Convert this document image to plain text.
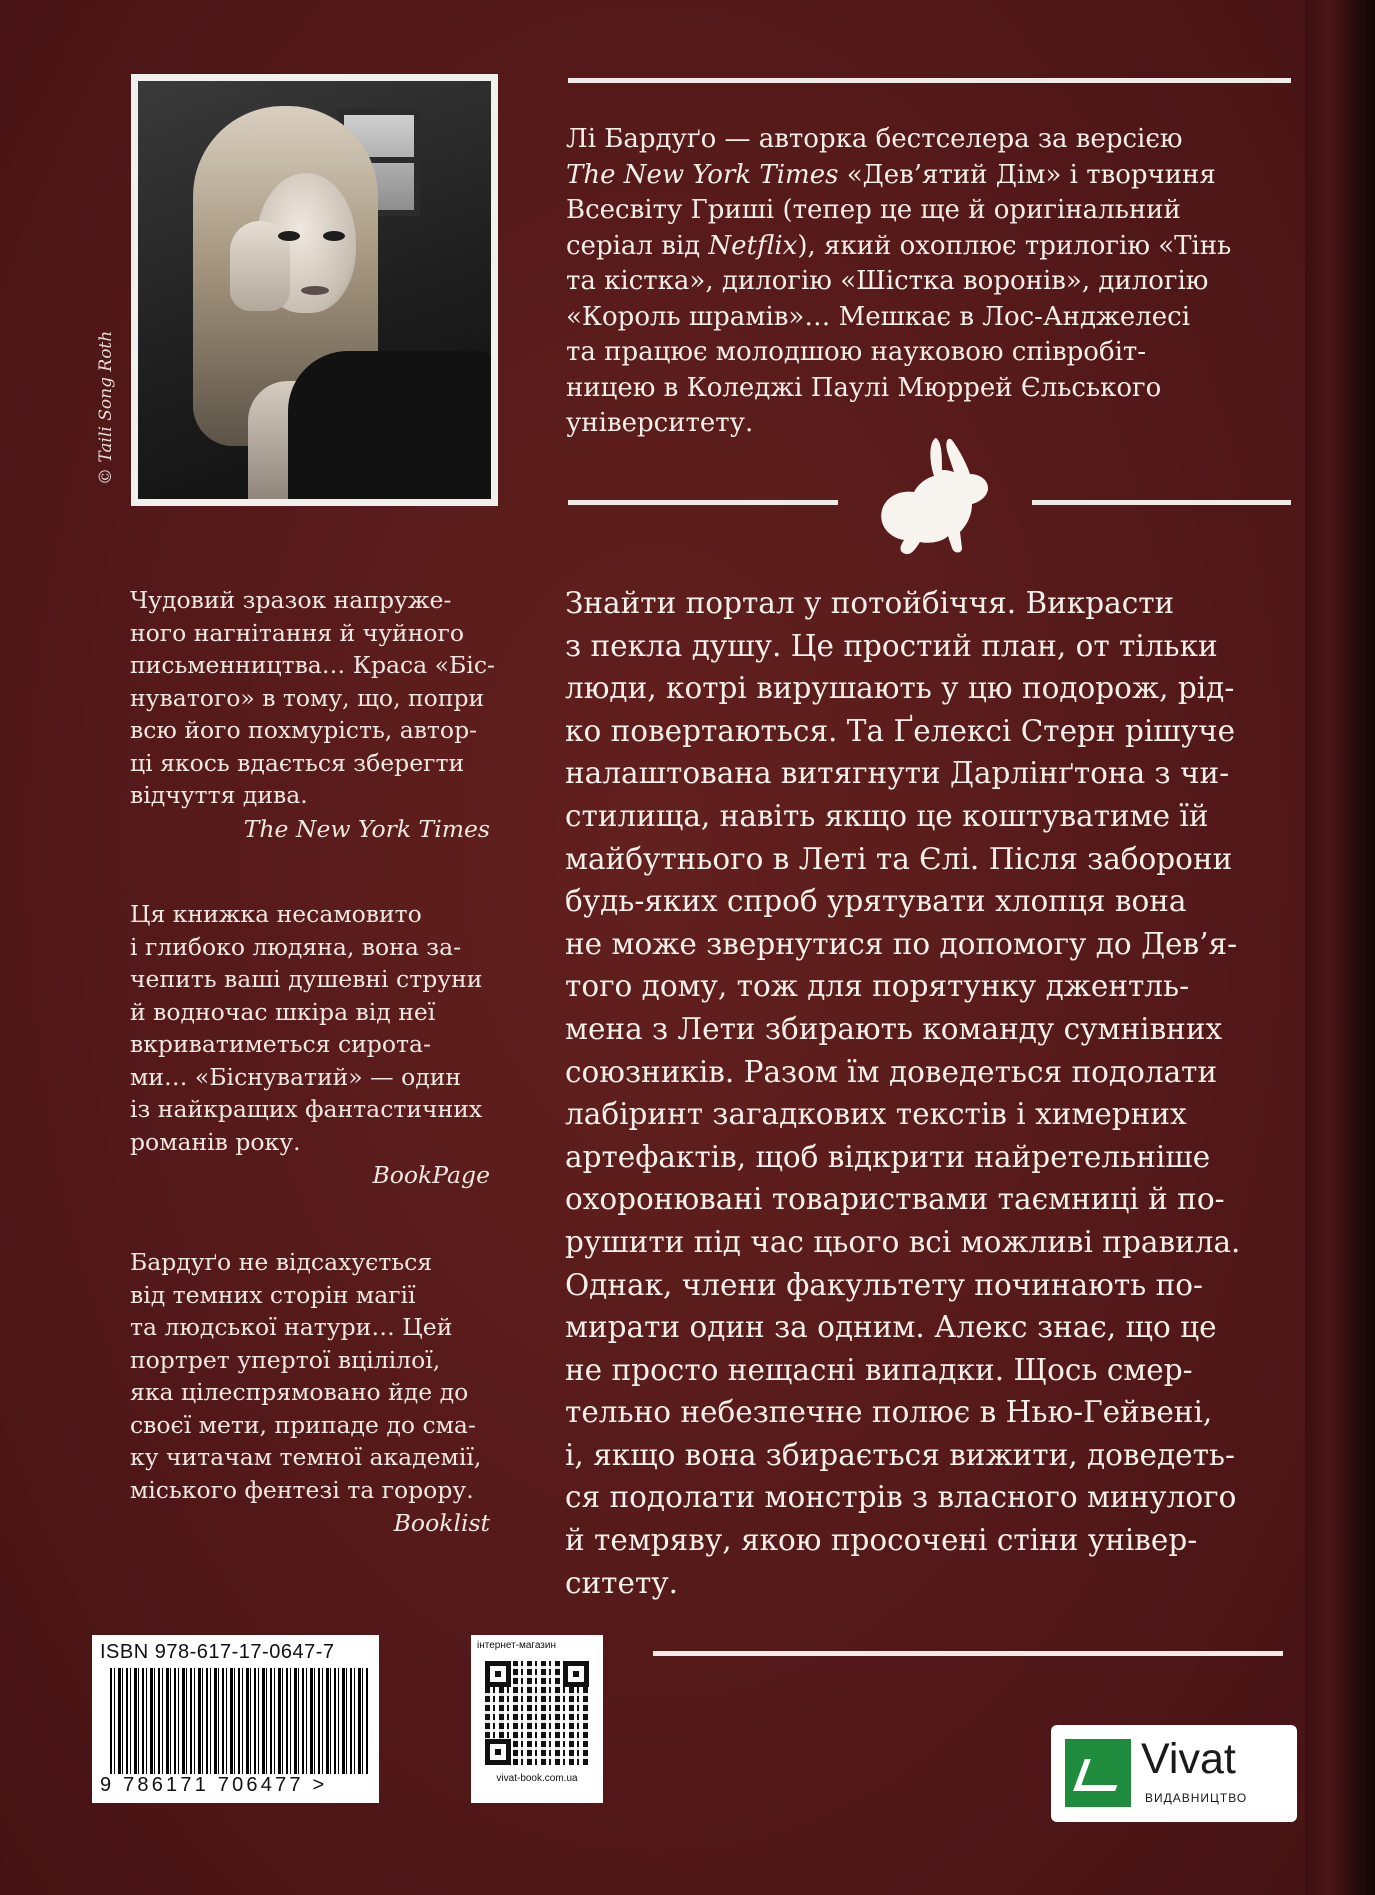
© Taili Song Roth

Лі Бардуґо — авторка бестселера за версією

The New York Times «Дев’ятий Дім» і творчиня

Всесвіту Гриші (тепер це ще й оригінальний

серіал від Netflix), який охоплює трилогію «Тінь

та кістка», дилогію «Шістка воронів», дилогію

«Король шрамів»… Мешкає в Лос-Анджелесі

та працює молодшою науковою співробіт-

ницею в Коледжі Паулі Мюррей Єльського

університету.

Чудовий зразок напруже-

ного нагнітання й чуйного

письменництва… Краса «Біс-

нуватого» в тому, що, попри

всю його похмурість, автор-

ці якось вдається зберегти

відчуття дива.

The New York Times

Ця книжка несамовито

і глибоко людяна, вона за-

чепить ваші душевні струни

й водночас шкіра від неї

вкриватиметься сирота-

ми… «Біснуватий» — один

із найкращих фантастичних

романів року.

BookPage

Бардуґо не відсахується

від темних сторін магії

та людської натури… Цей

портрет упертої вцілілої,

яка цілеспрямовано йде до

своєї мети, припаде до сма-

ку читачам темної академії,

міського фентезі та горору.

Booklist

Знайти портал у потойбіччя. Викрасти

з пекла душу. Це простий план, от тільки

люди, котрі вирушають у цю подорож, рід-

ко повертаються. Та Ґелексі Стерн рішуче

налаштована витягнути Дарлінґтона з чи-

стилища, навіть якщо це коштуватиме їй

майбутнього в Леті та Єлі. Після заборони

будь-яких спроб урятувати хлопця вона

не може звернутися по допомогу до Дев’я-

того дому, тож для порятунку джентль-

мена з Лети збирають команду сумнівних

союзників. Разом їм доведеться подолати

лабіринт загадкових текстів і химерних

артефактів, щоб відкрити найретельніше

охоронювані товариствами таємниці й по-

рушити під час цього всі можливі правила.

Однак, члени факультету починають по-

мирати один за одним. Алекс знає, що це

не просто нещасні випадки. Щось смер-

тельно небезпечне полює в Нью-Гейвені,

і, якщо вона збирається вижити, доведеть-

ся подолати монстрів з власного минулого

й темряву, якою просочені стіни універ-

ситету.

ISBN 978-617-17-0647-7
9 786171 706477 >
інтернет-магазин
vivat-book.com.ua	Vivat
ВИДАВНИЦТВО
